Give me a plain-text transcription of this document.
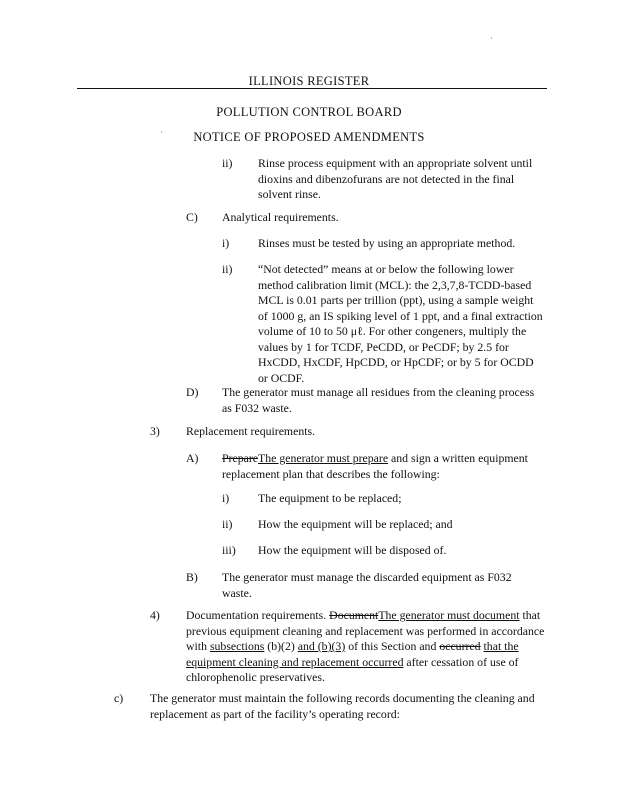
·
·
ILLINOIS REGISTER
POLLUTION CONTROL BOARD
NOTICE OF PROPOSED AMENDMENTS
ii) Rinse process equipment with an appropriate solvent until dioxins and dibenzofurans are not detected in the final solvent rinse.
C) Analytical requirements.
i) Rinses must be tested by using an appropriate method.
ii) “Not detected” means at or below the following lower method calibration limit (MCL): the 2,3,7,8-TCDD-based MCL is 0.01 parts per trillion (ppt), using a sample weight of 1000 g, an IS spiking level of 1 ppt, and a final extraction volume of 10 to 50 μℓ. For other congeners, multiply the values by 1 for TCDF, PeCDD, or PeCDF; by 2.5 for HxCDD, HxCDF, HpCDD, or HpCDF; or by 5 for OCDD or OCDF.
D) The generator must manage all residues from the cleaning process as F032 waste.
3) Replacement requirements.
A) PrepareThe generator must prepare and sign a written equipment replacement plan that describes the following:
i) The equipment to be replaced;
ii) How the equipment will be replaced; and
iii) How the equipment will be disposed of.
B) The generator must manage the discarded equipment as F032 waste.
4) Documentation requirements. DocumentThe generator must document that previous equipment cleaning and replacement was performed in accordance with subsections (b)(2) and (b)(3) of this Section and occurred that the equipment cleaning and replacement occurred after cessation of use of chlorophenolic preservatives.
c) The generator must maintain the following records documenting the cleaning and replacement as part of the facility’s operating record:
